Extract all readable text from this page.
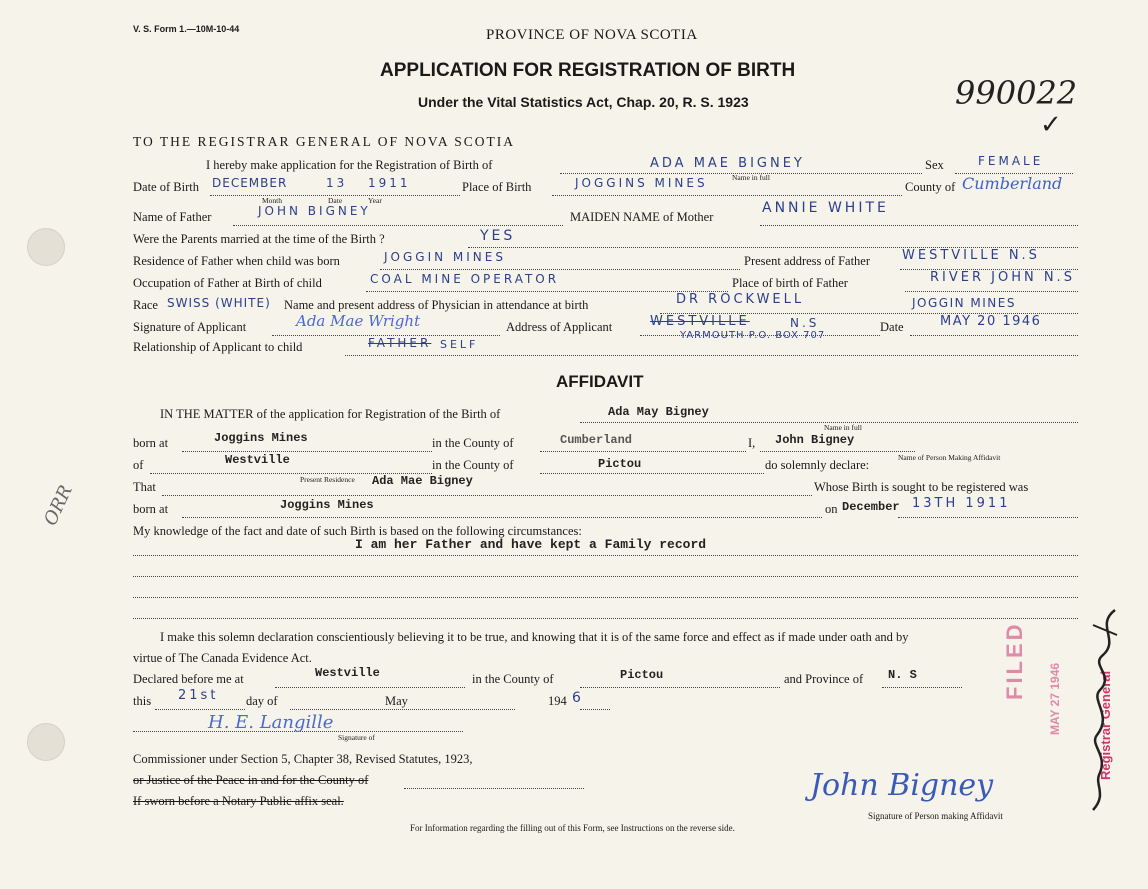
V. S. Form 1.—10M-10-44	PROVINCE OF NOVA SCOTIA
APPLICATION FOR REGISTRATION OF BIRTH
Under the Vital Statistics Act, Chap. 20, R. S. 1923	990022
✓
TO THE REGISTRAR GENERAL OF NOVA SCOTIA
I hereby make application for the Registration of Birth of	ADA MAE BIGNEY
Name in full
Sex	FEMALE
Date of Birth DECEMBER	13 1911
Month	Date	Year
Place of Birth	JOGGINS MINES	County of Cumberland
Name of Father	JOHN BIGNEY	MAIDEN NAME of Mother
ANNIE WHITE
Were the Parents married at the time of the Birth ?	YES
Residence of Father when child was born	JOGGIN MINES	Present address of Father WESTVILLE N.S
Occupation of Father at Birth of child	COAL MINE OPERATOR	Place of birth of Father	RIVER JOHN N.S
Race SWISS (WHITE) Name and present address of Physician in attendance at birth	DR ROCKWELL	JOGGIN MINES
Signature of Applicant	Ada Mae Wright	Address of Applicant	WESTVILLE	N.S	Date	MAY 20 1946
Relationship of Applicant to child	FATHER SELF
YARMOUTH P.O. BOX 707
AFFIDAVIT
IN THE MATTER of the application for Registration of the Birth of	Ada May Bigney
Name in full
born at	Joggins Mines	in the County of	Cumberland	I, John Bigney
Name of Person Making Affidavit
of	Westville
Present Residence
in the County of	Pictou	do solemnly declare:
That	Ada Mae Bigney	Whose Birth is sought to be registered was
born at	Joggins Mines	on December 13TH 1911
My knowledge of the fact and date of such Birth is based on the following circumstances:
I am her Father and have kept a Family record
I make this solemn declaration conscientiously believing it to be true, and knowing that it is of the same force and effect as if made under oath and by
virtue of The Canada Evidence Act.
Declared before me at	Westville	in the County of	Pictou	and Province of N. S
this 21st day of	May	194 6
H. E. Langille
Signature of
Commissioner under Section 5, Chapter 38, Revised Statutes, 1923,
or Justice of the Peace in and for the County of
If sworn before a Notary Public affix seal.	John Bigney
Signature of Person making Affidavit
For Information regarding the filling out of this Form, see Instructions on the reverse side.
FILED MAY 27 1946	Registrar General
ORR
